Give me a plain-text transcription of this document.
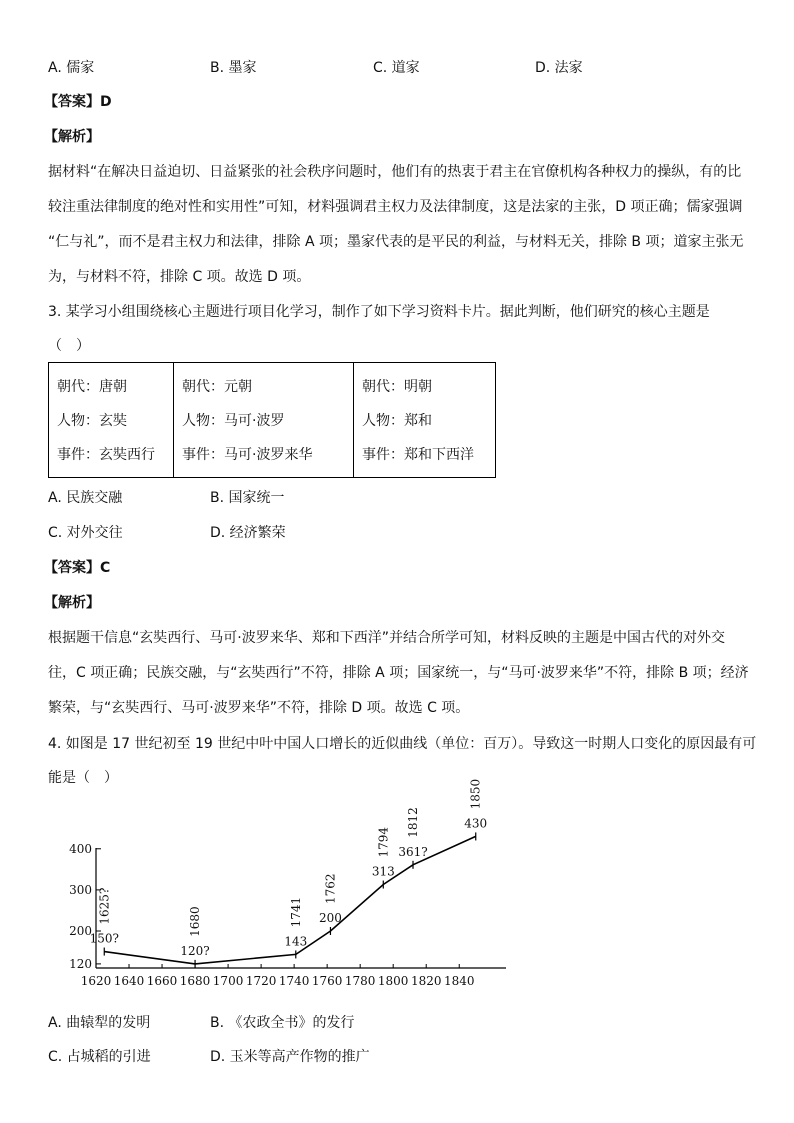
A. 儒家	B. 墨家	C. 道家	D. 法家
【答案】D
【解析】
据材料“在解决日益迫切、日益紧张的社会秩序问题时，他们有的热衷于君主在官僚机构各种权力的操纵，有的比
较注重法律制度的绝对性和实用性”可知，材料强调君主权力及法律制度，这是法家的主张，D 项正确；儒家强调
“仁与礼”，而不是君主权力和法律，排除 A 项；墨家代表的是平民的利益，与材料无关，排除 B 项；道家主张无
为，与材料不符，排除 C 项。故选 D 项。
3. 某学习小组围绕核心主题进行项目化学习，制作了如下学习资料卡片。据此判断，他们研究的核心主题是
（　）
朝代：唐朝
人物：玄奘
事件：玄奘西行

朝代：元朝
人物：马可·波罗
事件：马可·波罗来华

朝代：明朝
人物：郑和
事件：郑和下西洋
A. 民族交融	B. 国家统一
C. 对外交往	D. 经济繁荣
【答案】C
【解析】
根据题干信息“玄奘西行、马可·波罗来华、郑和下西洋”并结合所学可知，材料反映的主题是中国古代的对外交
往，C 项正确；民族交融，与“玄奘西行”不符，排除 A 项；国家统一，与“马可·波罗来华”不符，排除 B 项；经济
繁荣，与“玄奘西行、马可·波罗来华”不符，排除 D 项。故选 C 项。
4. 如图是 17 世纪初至 19 世纪中叶中国人口增长的近似曲线（单位：百万）。导致这一时期人口变化的原因最有可
能是（　）
120
200
300
400
1620 1640 1660 1680 1700 1720 1740 1760 1780 1800 1820 1840
150?
1625?
120?
1680
143
1741 200
1762
313
1794 361?
1812	430
1850
A. 曲辕犁的发明	B. 《农政全书》的发行
C. 占城稻的引进	D. 玉米等高产作物的推广
